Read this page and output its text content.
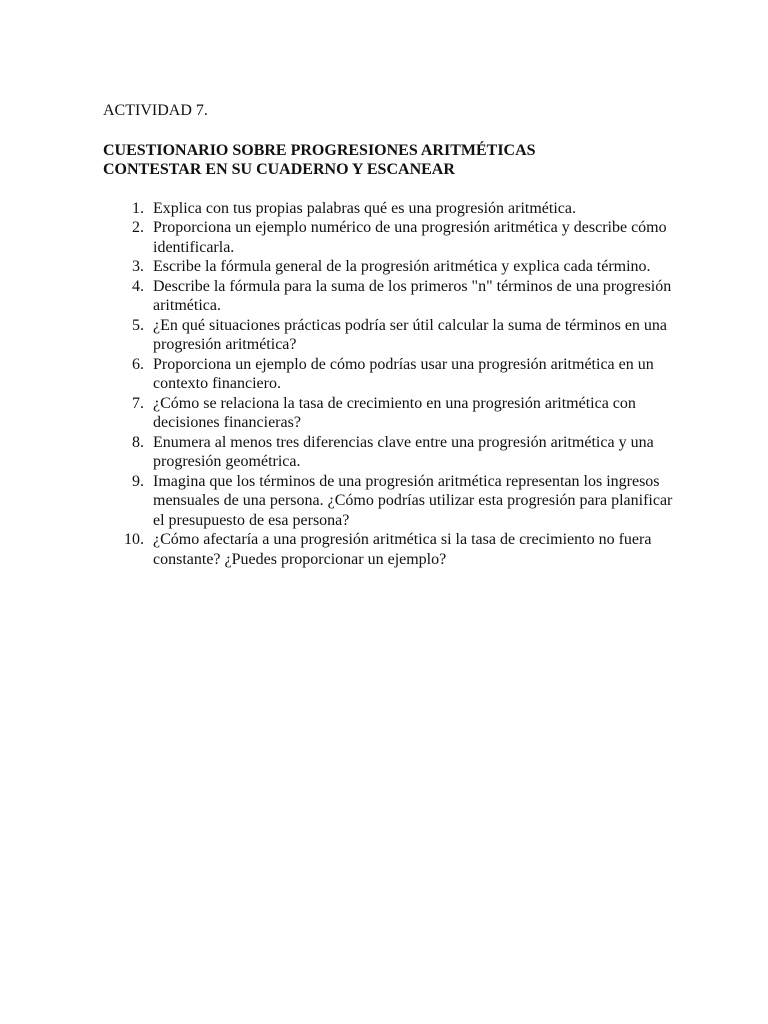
ACTIVIDAD 7.

CUESTIONARIO SOBRE PROGRESIONES ARITMÉTICAS

CONTESTAR EN SU CUADERNO Y ESCANEAR

1. Explica con tus propias palabras qué es una progresión aritmética.
2. Proporciona un ejemplo numérico de una progresión aritmética y describe cómo identificarla.
3. Escribe la fórmula general de la progresión aritmética y explica cada término.
4. Describe la fórmula para la suma de los primeros "n" términos de una progresión aritmética.
5. ¿En qué situaciones prácticas podría ser útil calcular la suma de términos en una progresión aritmética?
6. Proporciona un ejemplo de cómo podrías usar una progresión aritmética en un contexto financiero.
7. ¿Cómo se relaciona la tasa de crecimiento en una progresión aritmética con decisiones financieras?
8. Enumera al menos tres diferencias clave entre una progresión aritmética y una progresión geométrica.
9. Imagina que los términos de una progresión aritmética representan los ingresos mensuales de una persona. ¿Cómo podrías utilizar esta progresión para planificar el presupuesto de esa persona?
10. ¿Cómo afectaría a una progresión aritmética si la tasa de crecimiento no fuera constante? ¿Puedes proporcionar un ejemplo?
